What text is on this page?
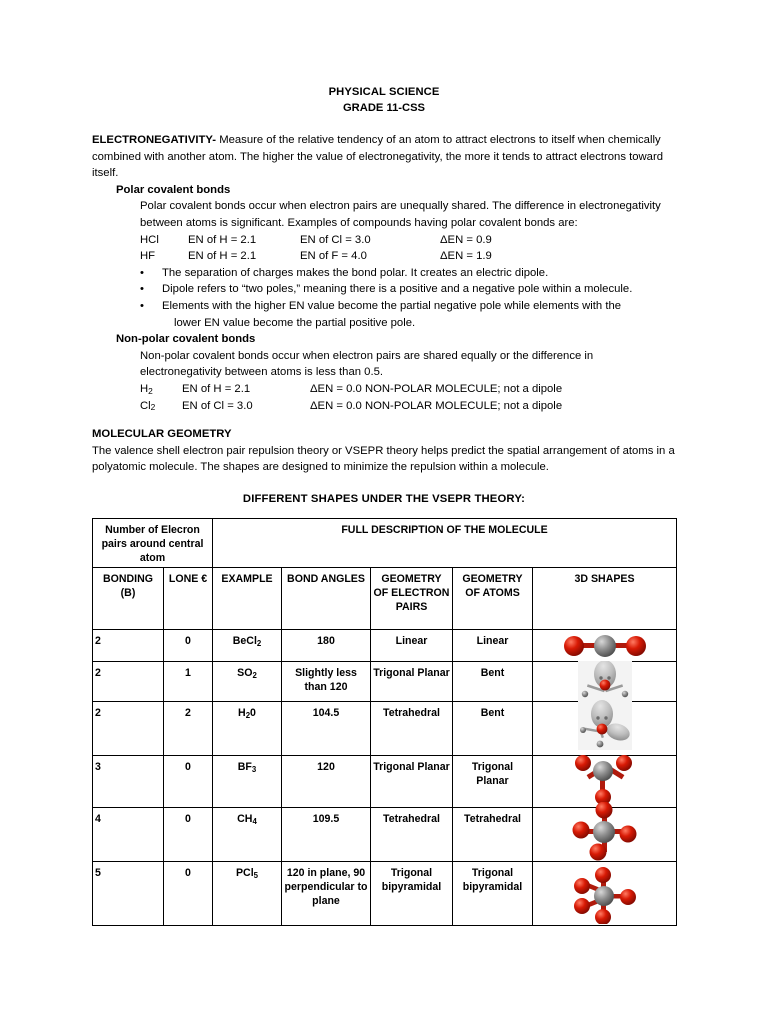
PHYSICAL SCIENCE
GRADE 11-CSS
ELECTRONEGATIVITY- Measure of the relative tendency of an atom to attract electrons to itself when chemically combined with another atom. The higher the value of electronegativity, the more it tends to attract electrons toward itself.
Polar covalent bonds
Polar covalent bonds occur when electron pairs are unequally shared. The difference in electronegativity between atoms is significant. Examples of compounds having polar covalent bonds are:
HCl	EN of H = 2.1	EN of Cl = 3.0	ΔEN = 0.9
HF	EN of H = 2.1	EN of F = 4.0	ΔEN = 1.9
•	The separation of charges makes the bond polar. It creates an electric dipole.
•	Dipole refers to “two poles,” meaning there is a positive and a negative pole within a molecule.
•	Elements with the higher EN value become the partial negative pole while elements with the
lower EN value become the partial positive pole.
Non-polar covalent bonds
Non-polar covalent bonds occur when electron pairs are shared equally or the difference in electronegativity between atoms is less than 0.5.
$H_2$	EN of H = 2.1	ΔEN = 0.0 NON-POLAR MOLECULE; not a dipole
$Cl_2$	EN of Cl = 3.0	ΔEN = 0.0 NON-POLAR MOLECULE; not a dipole
MOLECULAR GEOMETRY
The valence shell electron pair repulsion theory or VSEPR theory helps predict the spatial arrangement of atoms in a polyatomic molecule. The shapes are designed to minimize the repulsion within a molecule.
DIFFERENT SHAPES UNDER THE VSEPR THEORY:
Number of Elecron pairs around central atom		FULL DESCRIPTION OF THE MOLECULE				
BONDING (B)	LONE €	EXAMPLE	BOND ANGLES	GEOMETRY OF ELECTRON PAIRS	GEOMETRY OF ATOMS	3D SHAPES
2	0	BeCl$_2$	180	Linear	Linear	

2	1	$SO_2$	Slightly less than 120	Trigonal Planar	Bent	

2	2	$H_20$	104.5	Tetrahedral	Bent	

3	0	$BF_3$	120	Trigonal Planar	Trigonal Planar	

4	0	$CH_4$	109.5	Tetrahedral	Tetrahedral	

5	0	PCl$_5$	120 in plane, 90 perpendicular to plane	Trigonal bipyramidal	Trigonal bipyramidal	
